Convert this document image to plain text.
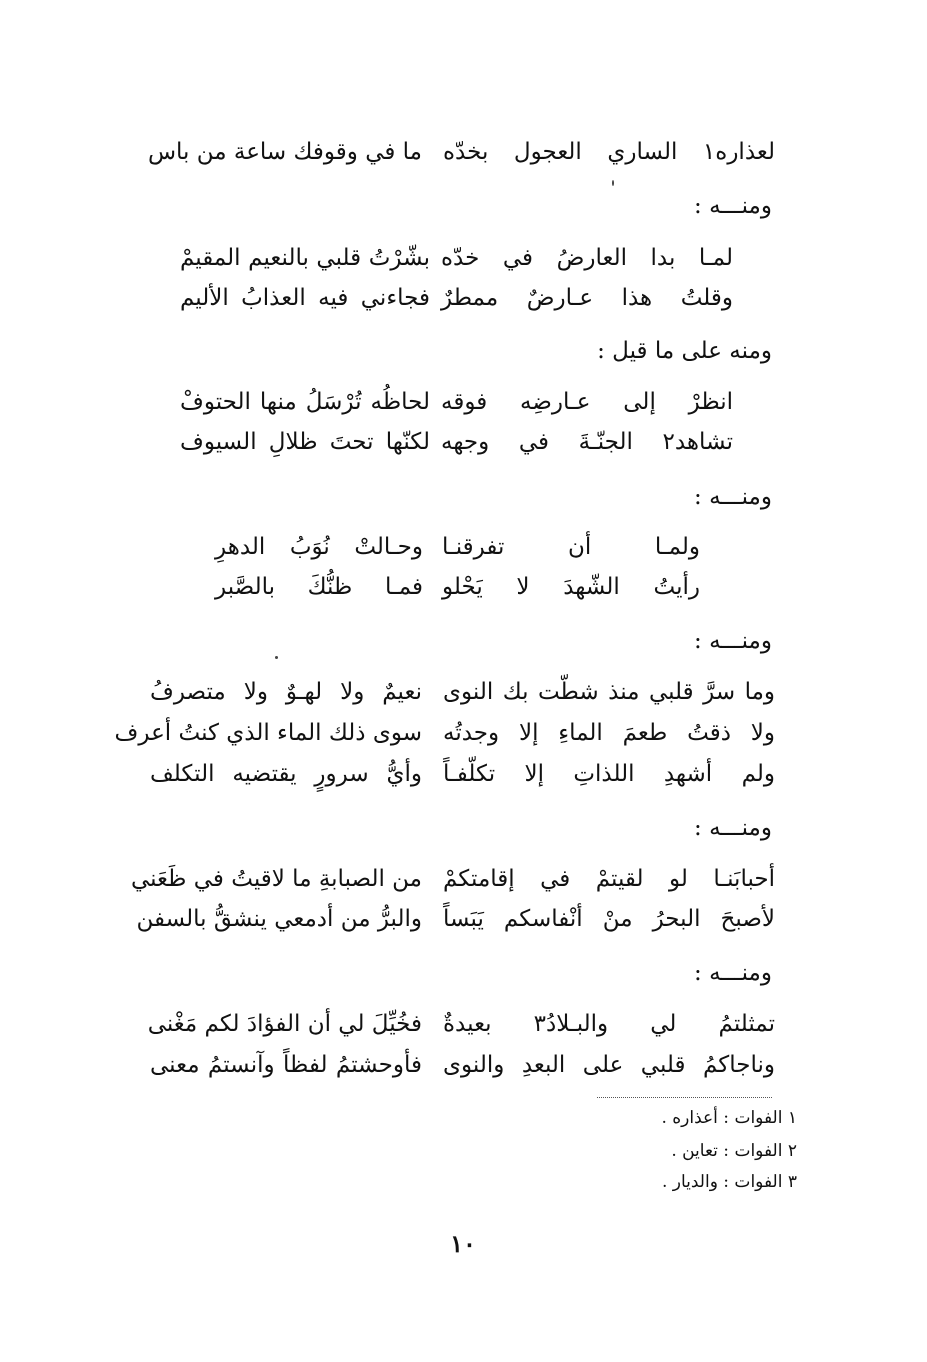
لعذاره١ الساري العجول بخدّه
ما في وقوفك ساعة من باس
ومنـــه :
لمـا بدا العارضُ في خدّه
بشّرْتُ قلبي بالنعيم المقيمْ
وقلتُ هذا عـارضٌ ممطرٌ
فجاءني فيه العذابُ الأليم
ومنه على ما قيل :
انظرْ إلى عـارضِه فوقه
لحاظُه تُرْسَلُ منها الحتوفْ
تشاهد٢ الجنّـةَ في وجهه
لكنّها تحتَ ظلالِ السيوف
ومنـــه :
ولمـا أن تفرقنـا
وحـالتْ نُوَبُ الدهرِ
رأيتُ الشّهدَ لا يَحْلو
فمـا ظنُّكَ بالصَّبر
ومنـــه :
وما سرَّ قلبي منذ شطّت بك النوى
نعيمٌ ولا لهـوٌ ولا متصرفُ
ولا ذقتُ طعمَ الماءِ إلا وجدتُه
سوى ذلك الماء الذي كنتُ أعرف
ولم أشهدِ اللذاتِ إلا تكلّفـاً
وأيُّ سرورٍ يقتضيه التكلف
ومنـــه :
أحبابَنـا لو لقيتمْ في إقامتكمْ
من الصبابةِ ما لاقيتُ في ظَعَني
لأصبحَ البحرُ منْ أنْفاسكم يَبَساً
والبرُّ من أدمعي ينشقُّ بالسفن
ومنـــه :
تمثلتمُ لي والبـلادُ٣ بعيدةٌ
فخُيِّلَ لي أن الفؤادَ لكم مَغْنى
وناجاكمُ قلبي على البعدِ والنوى
فأوحشتمُ لفظاً وآنستمُ معنى
١ الفوات : أعذاره .
٢ الفوات : تعاين .
٣ الفوات : والديار .
١٠
